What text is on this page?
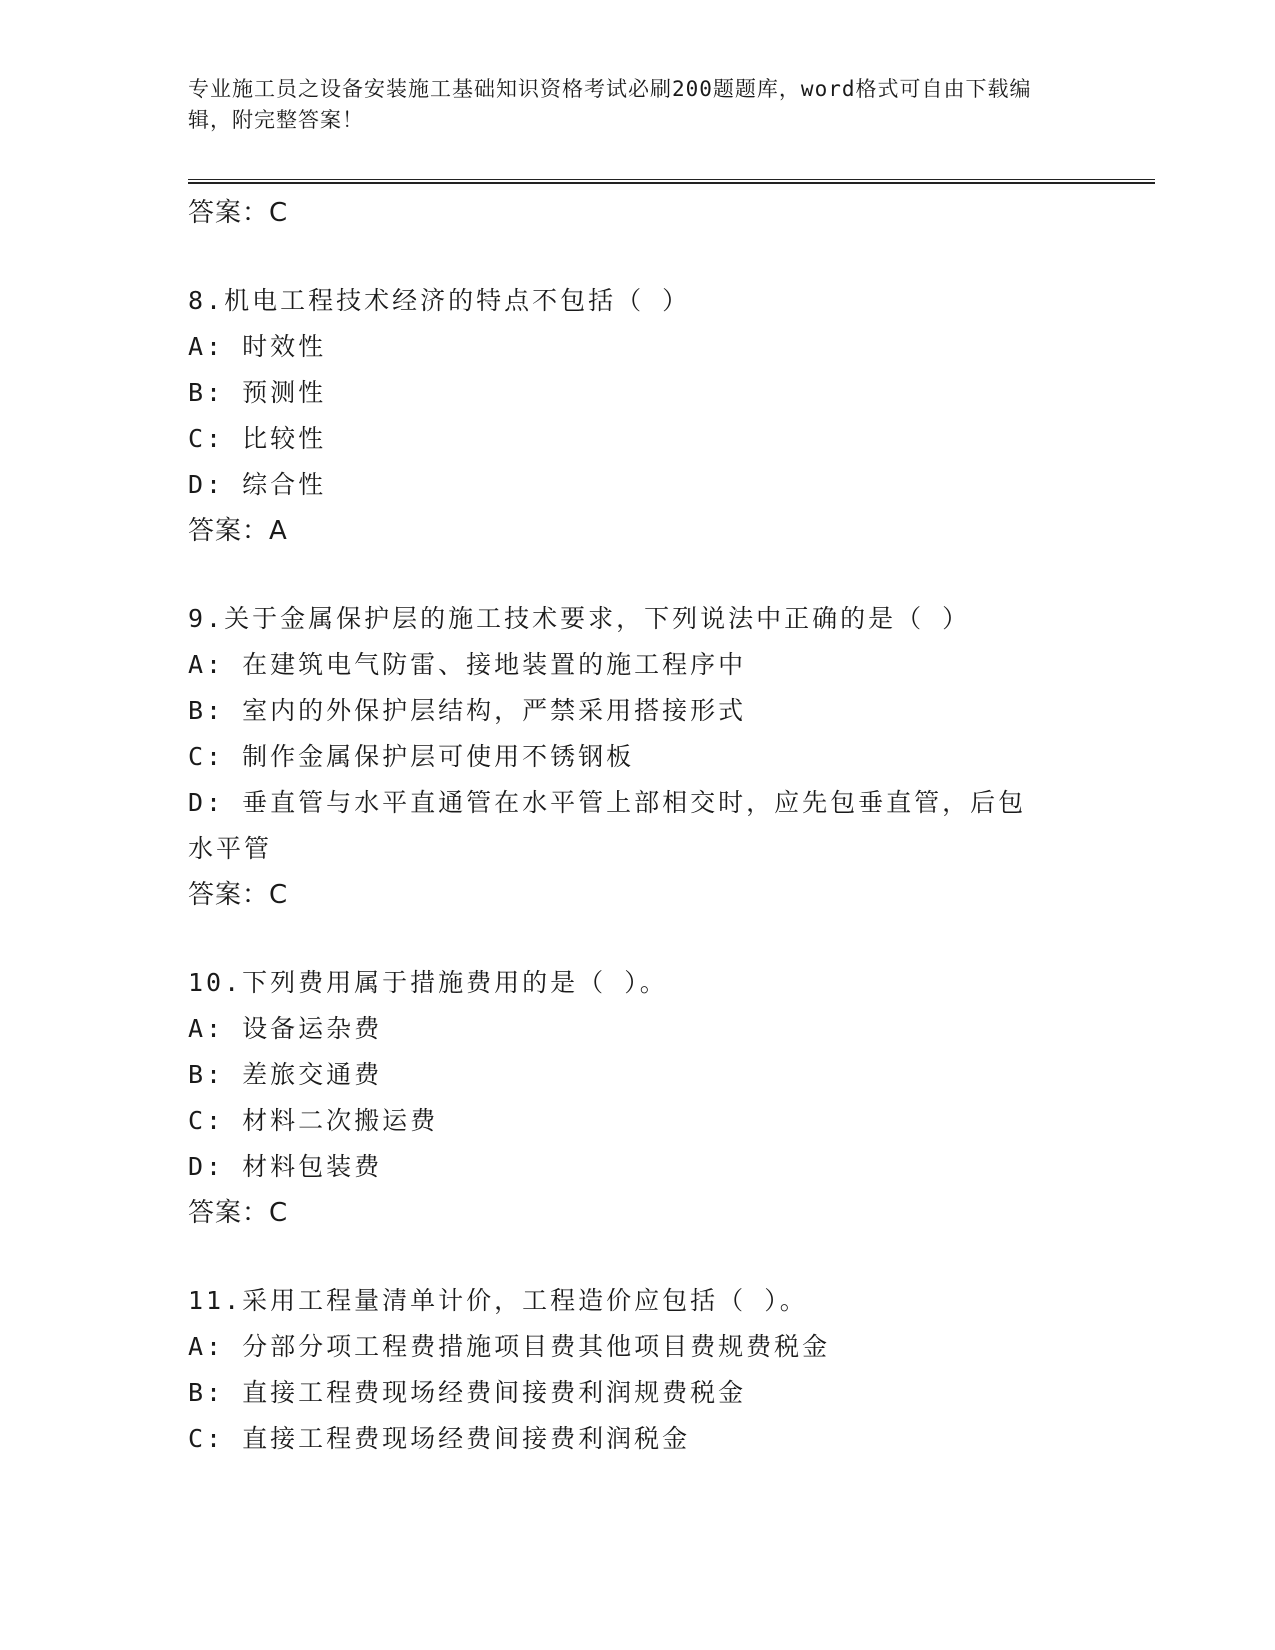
专业施工员之设备安装施工基础知识资格考试必刷200题题库，word格式可自由下载编辑，附完整答案！
答案：C
8.机电工程技术经济的特点不包括（ ）
A: 时效性
B: 预测性
C: 比较性
D: 综合性
答案：A
9.关于金属保护层的施工技术要求，下列说法中正确的是（ ）
A: 在建筑电气防雷、接地装置的施工程序中
B: 室内的外保护层结构，严禁采用搭接形式
C: 制作金属保护层可使用不锈钢板
D: 垂直管与水平直通管在水平管上部相交时，应先包垂直管，后包水平管
答案：C
10.下列费用属于措施费用的是（ ）。
A: 设备运杂费
B: 差旅交通费
C: 材料二次搬运费
D: 材料包装费
答案：C
11.采用工程量清单计价，工程造价应包括（ ）。
A: 分部分项工程费措施项目费其他项目费规费税金
B: 直接工程费现场经费间接费利润规费税金
C: 直接工程费现场经费间接费利润税金
